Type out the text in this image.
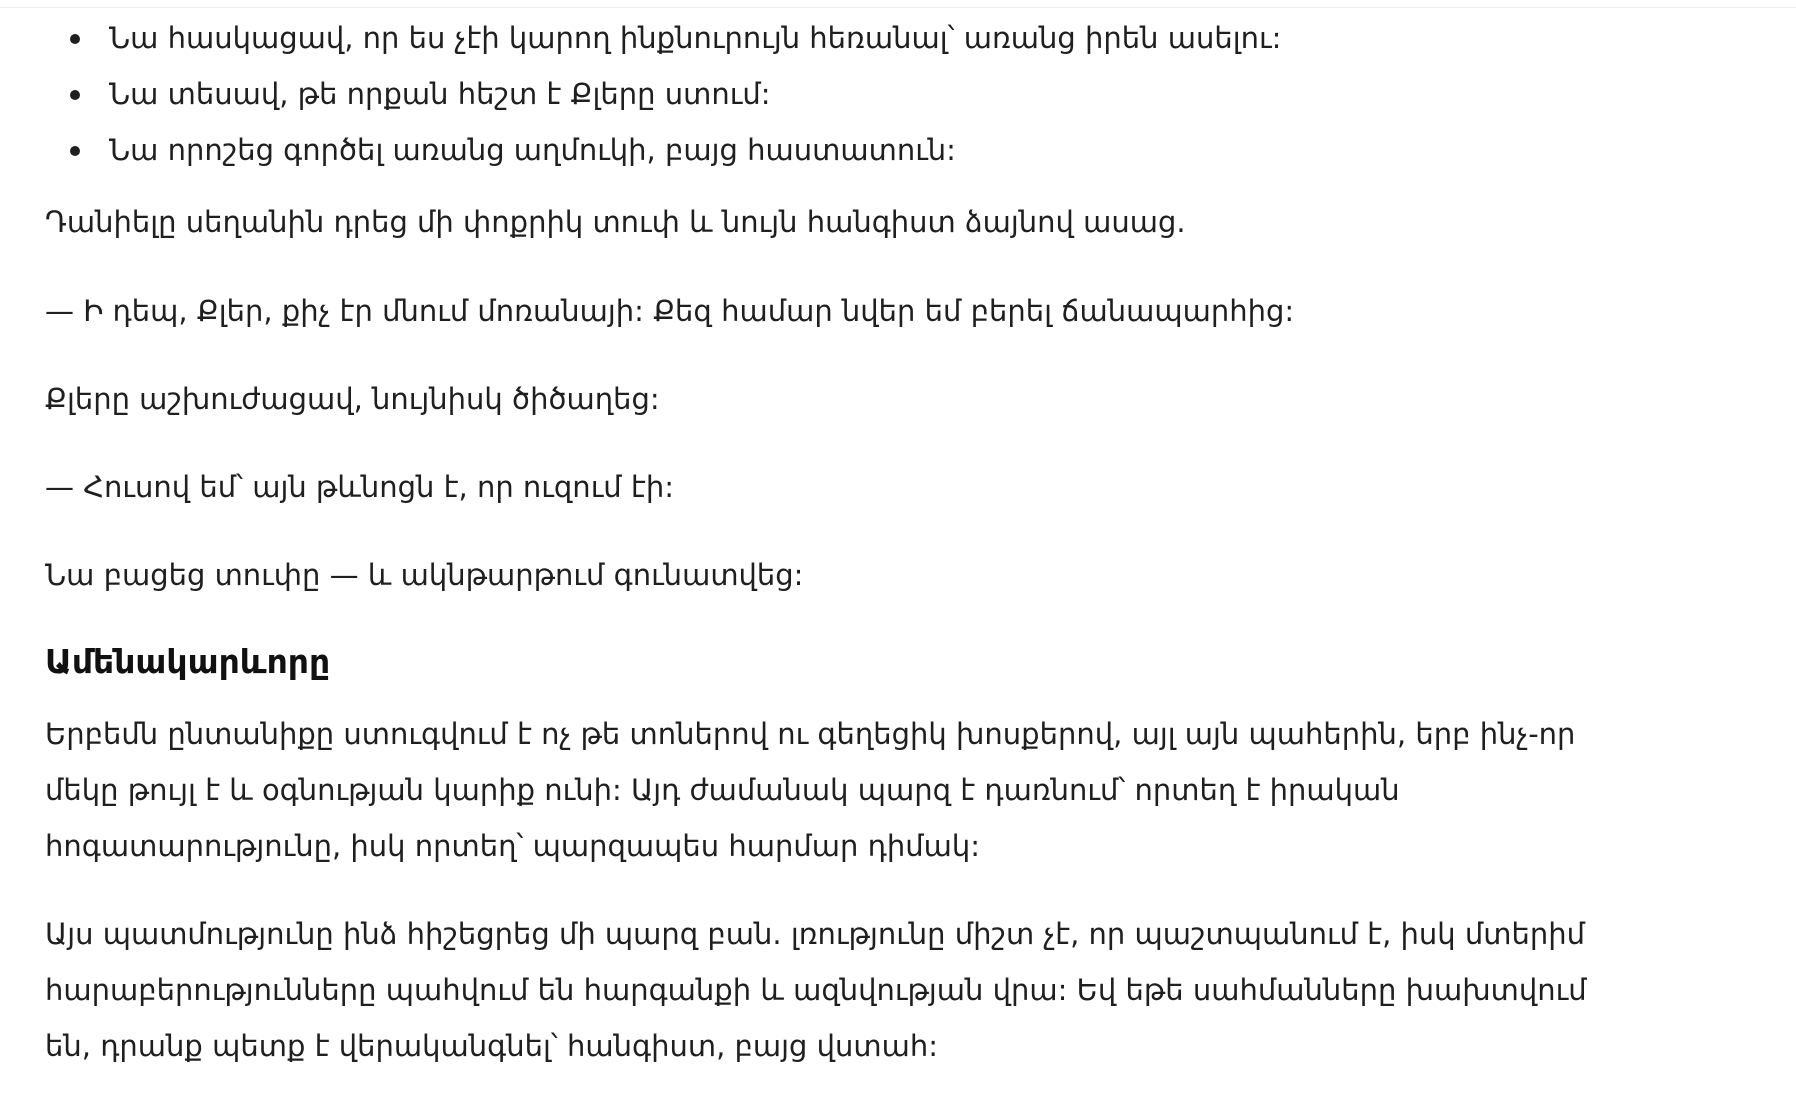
Նա հասկացավ, որ ես չէի կարող ինքնուրույն հեռանալ՝ առանց իրեն ասելու:
Նա տեսավ, թե որքան հեշտ է Քլերը ստում:
Նա որոշեց գործել առանց աղմուկի, բայց հաստատուն:

Դանիելը սեղանին դրեց մի փոքրիկ տուփ և նույն հանգիստ ձայնով ասաց.

— Ի դեպ, Քլեր, քիչ էր մնում մոռանայի: Քեզ համար նվեր եմ բերել ճանապարհից:

Քլերը աշխուժացավ, նույնիսկ ծիծաղեց:

— Հուսով եմ՝ այն թևնոցն է, որ ուզում էի:

Նա բացեց տուփը — և ակնթարթում գունատվեց:

Ամենակարևորը

Երբեմն ընտանիքը ստուգվում է ոչ թե տոներով ու գեղեցիկ խոսքերով, այլ այն պահերին, երբ ինչ-որ
մեկը թույլ է և օգնության կարիք ունի: Այդ ժամանակ պարզ է դառնում՝ որտեղ է իրական
հոգատարությունը, իսկ որտեղ՝ պարզապես հարմար դիմակ:

Այս պատմությունը ինձ հիշեցրեց մի պարզ բան. լռությունը միշտ չէ, որ պաշտպանում է, իսկ մտերիմ
հարաբերությունները պահվում են հարգանքի և ազնվության վրա: Եվ եթե սահմանները խախտվում
են, դրանք պետք է վերականգնել՝ հանգիստ, բայց վստահ:
